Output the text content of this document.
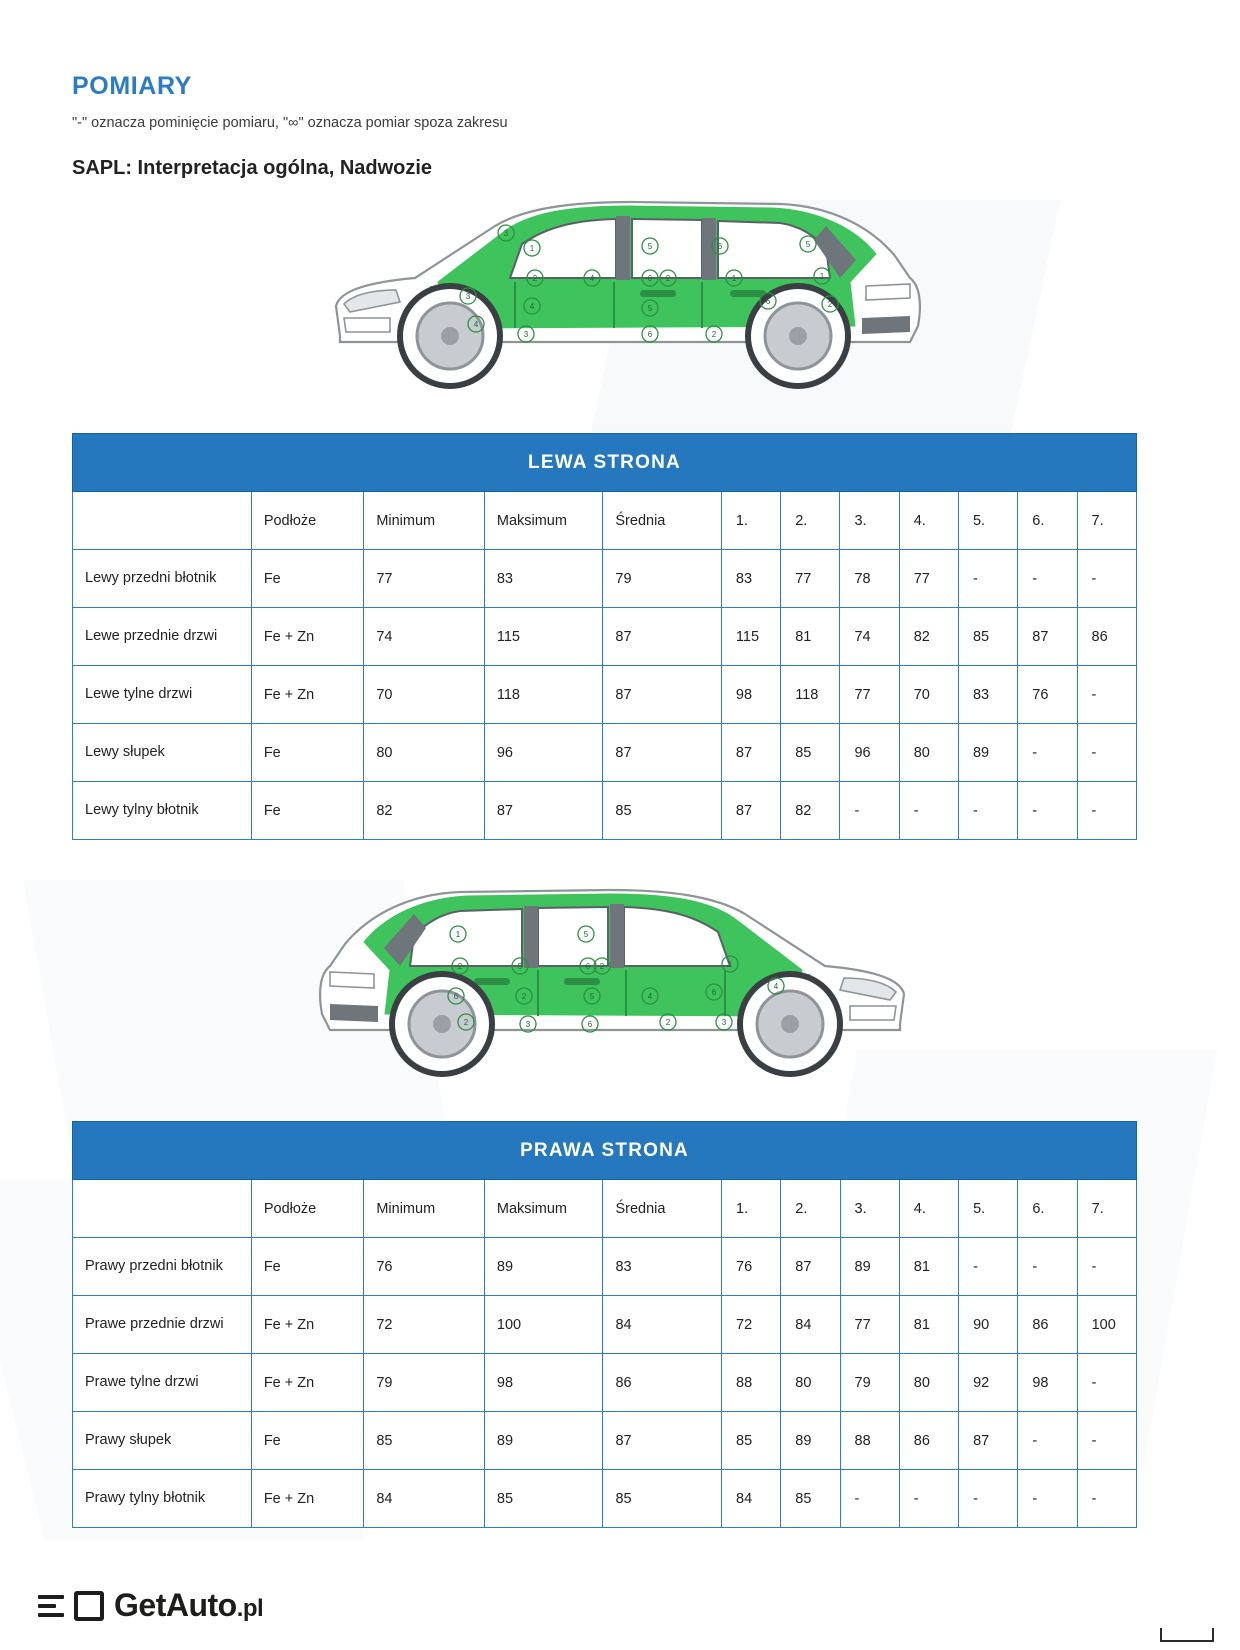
POMIARY

"-" oznacza pominięcie pomiaru, "∞" oznacza pomiar spoza zakresu

SAPL: Interpretacja ogólna, Nadwozie
3
1
2
4
3
4
5
6 2
5
6
6
1
2
6
5
1
2
3
4
LEWA STRONA											
	Podłoże	Minimum	Maksimum	Średnia	1.	2.	3.	4.	5.	6.	7.
Lewy przedni błotnik	Fe	77	83	79	83	77	78	77	-	-	-
Lewe przednie drzwi	Fe + Zn	74	115	87	115	81	74	82	85	87	86
Lewe tylne drzwi	Fe + Zn	70	118	87	98	118	77	70	83	76	-
Lewy słupek	Fe	80	96	87	87	85	96	80	89	-	-
Lewy tylny błotnik	Fe	82	87	85	87	82	-	-	-	-	-
1
2
6
2
5
2
3
5
6 2
5
6
4
2
6
1
3
4
PRAWA STRONA											
	Podłoże	Minimum	Maksimum	Średnia	1.	2.	3.	4.	5.	6.	7.
Prawy przedni błotnik	Fe	76	89	83	76	87	89	81	-	-	-
Prawe przednie drzwi	Fe + Zn	72	100	84	72	84	77	81	90	86	100
Prawe tylne drzwi	Fe + Zn	79	98	86	88	80	79	80	92	98	-
Prawy słupek	Fe	85	89	87	85	89	88	86	87	-	-
Prawy tylny błotnik	Fe + Zn	84	85	85	84	85	-	-	-	-	-
GetAuto.pl
